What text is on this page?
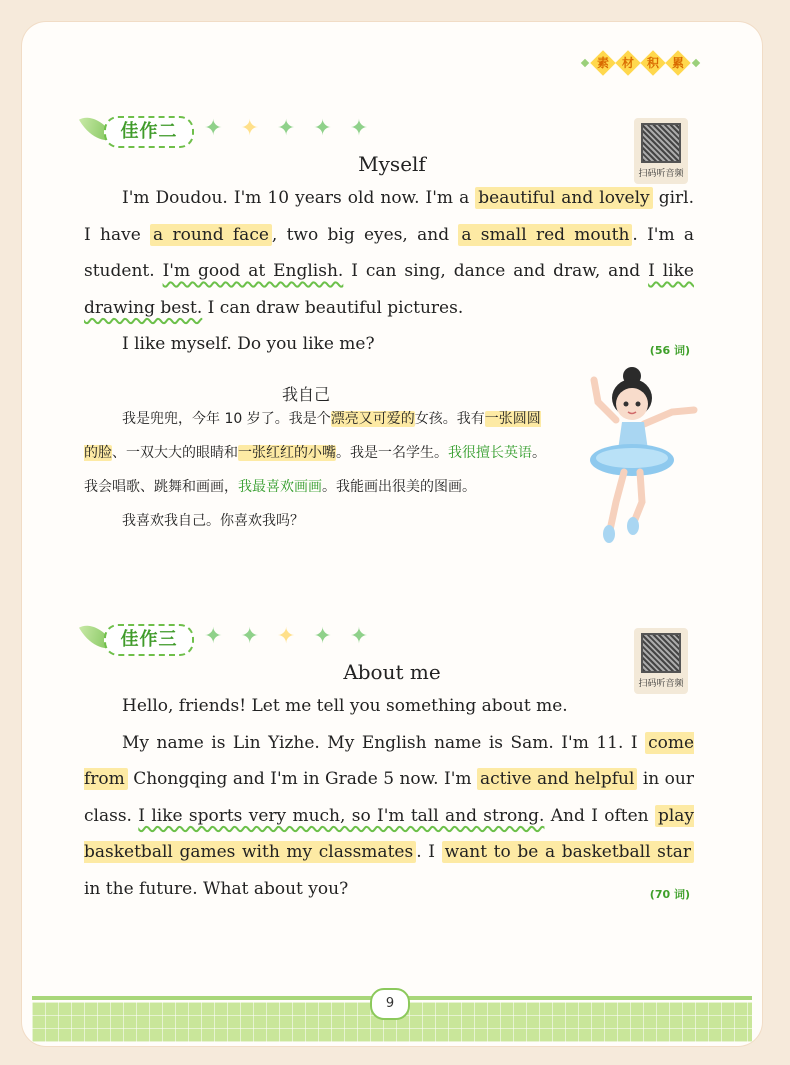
素	材	积	累
佳作二	✦ ✦ ✦ ✦ ✦
扫码听音频
Myself

I'm Doudou. I'm 10 years old now. I'm a beautiful and lovely girl. I have a round face , two big eyes, and a small red mouth . I'm a student. I'm good at English. I can sing, dance and draw, and I like drawing best. I can draw beautiful pictures.

I like myself. Do you like me?	(56 词)
我自己

我是兜兜，今年 10 岁了。我是个漂亮又可爱的女孩。我有一张圆圆的脸、一双大大的眼睛和一张红红的小嘴。我是一名学生。我很擅长英语。我会唱歌、跳舞和画画，我最喜欢画画。我能画出很美的图画。

我喜欢我自己。你喜欢我吗？

佳作三	✦ ✦ ✦ ✦ ✦
扫码听音频
About me

Hello, friends! Let me tell you something about me.

My name is Lin Yizhe. My English name is Sam. I'm 11. I come from Chongqing and I'm in Grade 5 now. I'm active and helpful in our class. I like sports very much, so I'm tall and strong. And I often play basketball games with my classmates . I want to be a basketball star in the future. What about you?	(70 词)
9
